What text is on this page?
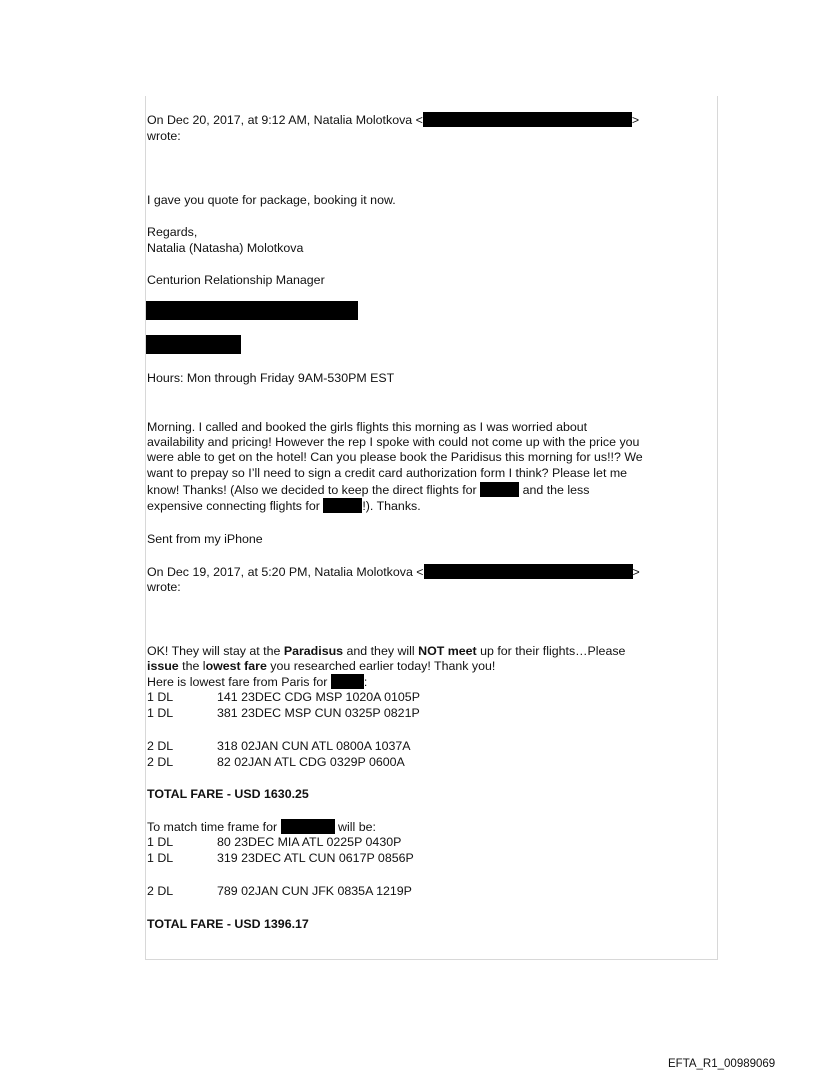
On Dec 20, 2017, at 9:12 AM, Natalia Molotkova <	>
wrote:
I gave you quote for package, booking it now.
Regards,
Natalia (Natasha) Molotkova
Centurion Relationship Manager
Hours: Mon through Friday 9AM-530PM EST
Morning. I called and booked the girls flights this morning as I was worried about
availability and pricing! However the rep I spoke with could not come up with the price you
were able to get on the hotel! Can you please book the Paridisus this morning for us!!? We
want to prepay so I’ll need to sign a credit card authorization form I think? Please let me
know! Thanks! (Also we decided to keep the direct flights for	and the less
expensive connecting flights for	!). Thanks.
Sent from my iPhone
On Dec 19, 2017, at 5:20 PM, Natalia Molotkova <	>
wrote:
OK! They will stay at the Paradisus and they will NOT meet up for their flights…Please
issue the lowest fare you researched earlier today! Thank you!
Here is lowest fare from Paris for	:
1 DL	141 23DEC CDG MSP 1020A 0105P
1 DL	381 23DEC MSP CUN 0325P 0821P
2 DL	318 02JAN CUN ATL 0800A 1037A
2 DL	82 02JAN ATL CDG 0329P 0600A
TOTAL FARE - USD 1630.25
To match time frame for	will be:
1 DL	80 23DEC MIA ATL 0225P 0430P
1 DL	319 23DEC ATL CUN 0617P 0856P
2 DL	789 02JAN CUN JFK 0835A 1219P
TOTAL FARE - USD 1396.17
EFTA_R1_00989069
